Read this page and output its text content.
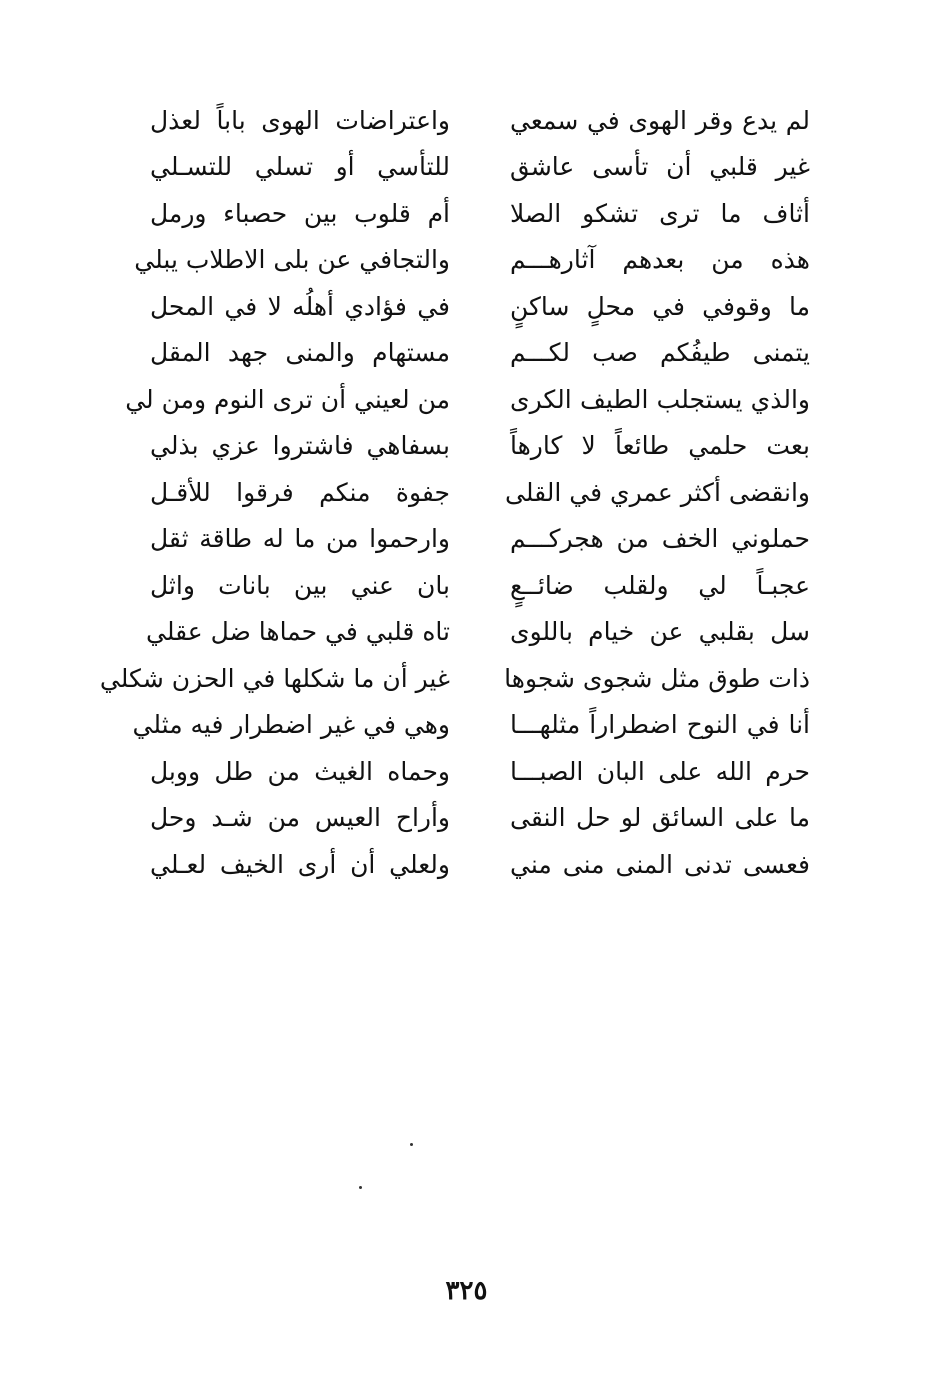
لم يدع وقر الهوى في سمعي
واعتراضات الهوى باباً لعذل
غير قلبي أن تأسى عاشق
للتأسي أو تسلي للتسـلي
أثاف ما ترى تشكو الصلا
أم قلوب بين حصباء ورمل
هذه من بعدهم آثارهـــم
والتجافي عن بلى الاطلاب يبلي
ما وقوفي في محلٍ ساكنٍ
في فؤادي أهلُه لا في المحل
يتمنى طيفُكم صب لكـــم
مستهام والمنى جهد المقل
والذي يستجلب الطيف الكرى
من لعيني أن ترى النوم ومن لي
بعت حلمي طائعاً لا كارهاً
بسفاهي فاشتروا عزي بذلي
وانقضى أكثر عمري في القلى
جفوة منكم فرقوا للأقـل
حملوني الخف من هجركـــم
وارحموا من ما له طاقة ثقل
عجبـاً لي ولقلب ضائــعٍ
بان عني بين بانات واثل
سل بقلبي عن خيام باللوى
تاه قلبي في حماها ضل عقلي
ذات طوق مثل شجوى شجوها
غير أن ما شكلها في الحزن شكلي
أنا في النوح اضطراراً مثلهـــا
وهي في غير اضطرار فيه مثلي
حرم الله على البان الصبـــا
وحماه الغيث من طل ووبل
ما على السائق لو حل النقى
وأراح العيس من شـد وحل
فعسى تدنى المنى منى مني
ولعلي أن أرى الخيف لعـلي
٣٢٥
